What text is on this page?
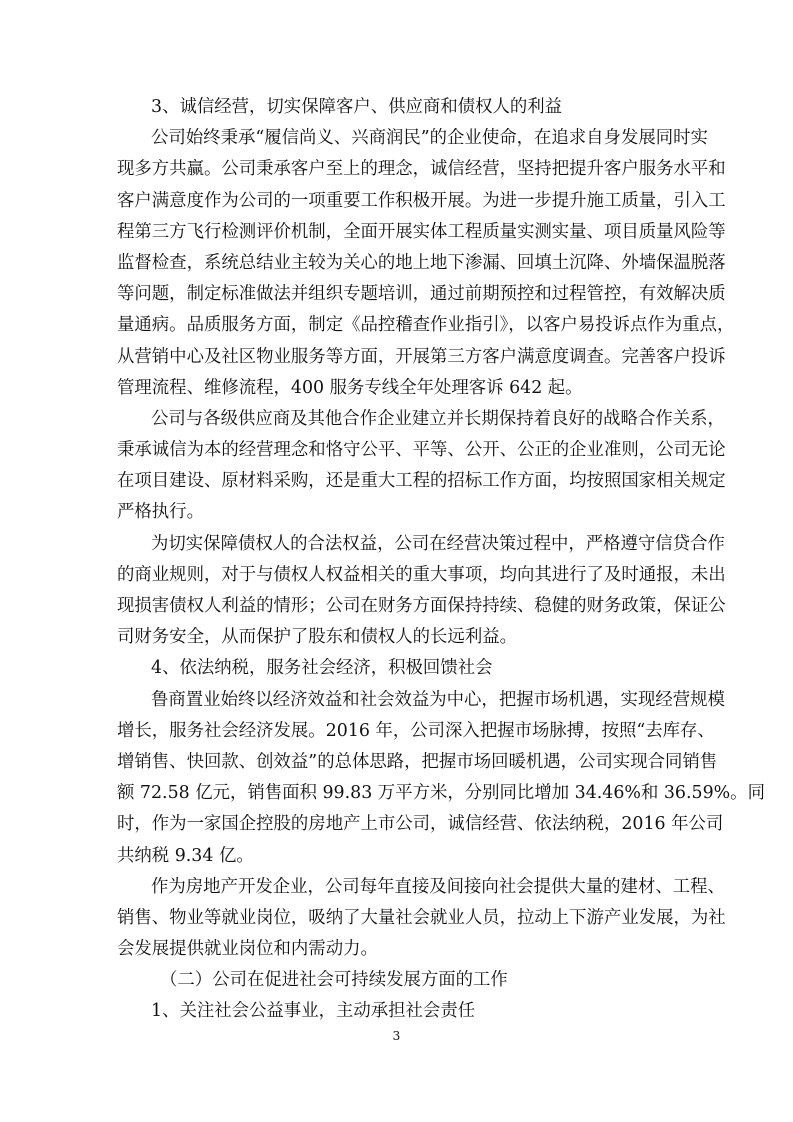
3、诚信经营，切实保障客户、供应商和债权人的利益
公司始终秉承“履信尚义、兴商润民”的企业使命，在追求自身发展同时实
现多方共赢。公司秉承客户至上的理念，诚信经营，坚持把提升客户服务水平和
客户满意度作为公司的一项重要工作积极开展。为进一步提升施工质量，引入工
程第三方飞行检测评价机制，全面开展实体工程质量实测实量、项目质量风险等
监督检查，系统总结业主较为关心的地上地下渗漏、回填土沉降、外墙保温脱落
等问题，制定标准做法并组织专题培训，通过前期预控和过程管控，有效解决质
量通病。品质服务方面，制定《品控稽查作业指引》，以客户易投诉点作为重点，
从营销中心及社区物业服务等方面，开展第三方客户满意度调查。完善客户投诉
管理流程、维修流程，400 服务专线全年处理客诉 642 起。
公司与各级供应商及其他合作企业建立并长期保持着良好的战略合作关系，
秉承诚信为本的经营理念和恪守公平、平等、公开、公正的企业准则，公司无论
在项目建设、原材料采购，还是重大工程的招标工作方面，均按照国家相关规定
严格执行。
为切实保障债权人的合法权益，公司在经营决策过程中，严格遵守信贷合作
的商业规则，对于与债权人权益相关的重大事项，均向其进行了及时通报，未出
现损害债权人利益的情形；公司在财务方面保持持续、稳健的财务政策，保证公
司财务安全，从而保护了股东和债权人的长远利益。
4、依法纳税，服务社会经济，积极回馈社会
鲁商置业始终以经济效益和社会效益为中心，把握市场机遇，实现经营规模
增长，服务社会经济发展。2016 年，公司深入把握市场脉搏，按照“去库存、
增销售、快回款、创效益”的总体思路，把握市场回暖机遇，公司实现合同销售
额 72.58 亿元，销售面积 99.83 万平方米，分别同比增加 34.46%和 36.59%。同
时，作为一家国企控股的房地产上市公司，诚信经营、依法纳税，2016 年公司
共纳税 9.34 亿。
作为房地产开发企业，公司每年直接及间接向社会提供大量的建材、工程、
销售、物业等就业岗位，吸纳了大量社会就业人员，拉动上下游产业发展，为社
会发展提供就业岗位和内需动力。
（二）公司在促进社会可持续发展方面的工作
1、关注社会公益事业，主动承担社会责任
3
